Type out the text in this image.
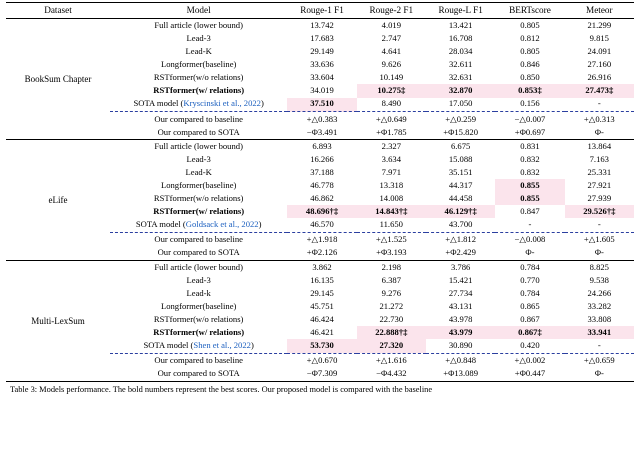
Dataset	Model	Rouge-1 F1	Rouge-2 F1	Rouge-L F1	BERTscore	Meteor
BookSum Chapter	Full article (lower bound)	13.742	4.019	13.421	0.805	21.299
	Lead-3	17.683	2.747	16.708	0.812	9.815
	Lead-K	29.149	4.641	28.034	0.805	24.091
	Longformer(baseline)	33.636	9.626	32.611	0.846	27.160
	RSTformer(w/o relations)	33.604	10.149	32.631	0.850	26.916
	RSTformer(w/ relations)	34.019	10.275‡	32.870	0.853‡	27.473‡
	SOTA model (Kryscinski et al., 2022)	37.510	8.490	17.050	0.156	-
	Our compared to baseline	+△0.383	+△0.649	+△0.259	−△0.007	+△0.313
	Our compared to SOTA	−Φ3.491	+Φ1.785	+Φ15.820	+Φ0.697	Φ-
eLife	Full article (lower bound)	6.893	2.327	6.675	0.831	13.864
	Lead-3	16.266	3.634	15.088	0.832	7.163
	Lead-K	37.188	7.971	35.151	0.832	25.331
	Longformer(baseline)	46.778	13.318	44.317	0.855	27.921
	RSTformer(w/o relations)	46.862	14.008	44.458	0.855	27.939
	RSTformer(w/ relations)	48.696†‡	14.843†‡	46.129†‡	0.847	29.526†‡
	SOTA model (Goldsack et al., 2022)	46.570	11.650	43.700	-	-
	Our compared to baseline	+△1.918	+△1.525	+△1.812	−△0.008	+△1.605
	Our compared to SOTA	+Φ2.126	+Φ3.193	+Φ2.429	Φ-	Φ-
Multi-LexSum	Full article (lower bound)	3.862	2.198	3.786	0.784	8.825
	Lead-3	16.135	6.387	15.421	0.770	9.538
	Lead-k	29.145	9.276	27.734	0.784	24.266
	Longformer(baseline)	45.751	21.272	43.131	0.865	33.282
	RSTformer(w/o relations)	46.424	22.730	43.978	0.867	33.808
	RSTformer(w/ relations)	46.421	22.888†‡	43.979	0.867‡	33.941
	SOTA model (Shen et al., 2022)	53.730	27.320	30.890	0.420	-
	Our compared to baseline	+△0.670	+△1.616	+△0.848	+△0.002	+△0.659
	Our compared to SOTA	−Φ7.309	−Φ4.432	+Φ13.089	+Φ0.447	Φ-
Table 3: Models performance. The bold numbers represent the best scores. Our proposed model is compared with the baseline
